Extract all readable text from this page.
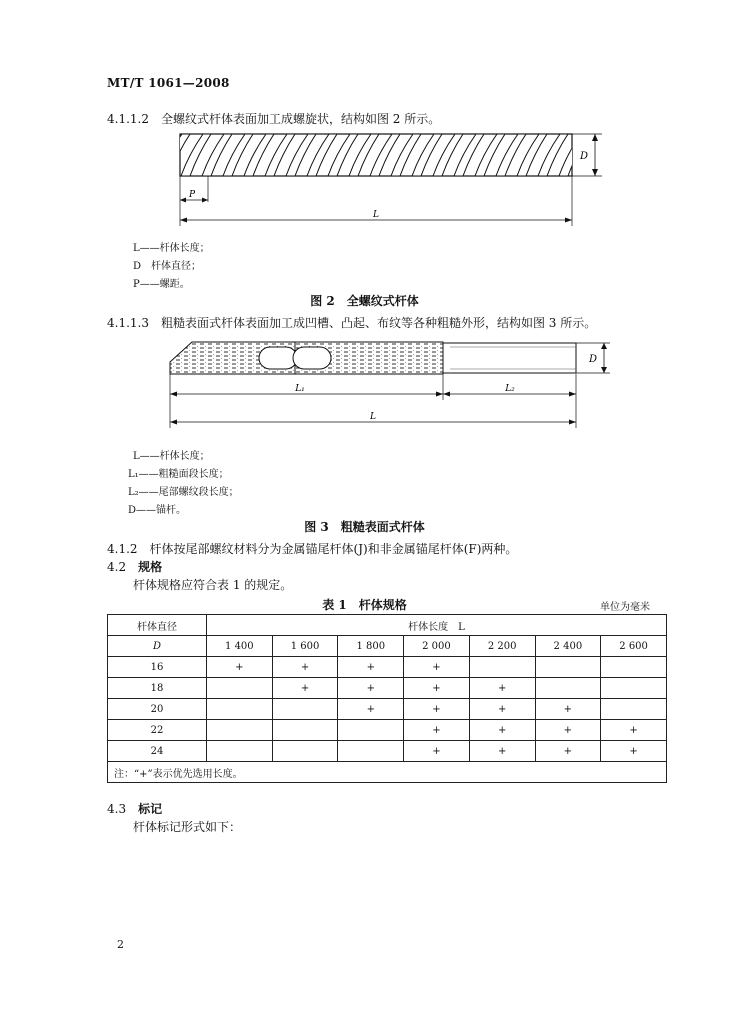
MT/T 1061—2008
4.1.1.2 全螺纹式杆体表面加工成螺旋状，结构如图 2 所示。
D
P
L
L——杆体长度；
D　杆体直径；
P——螺距。
图 2　全螺纹式杆体
4.1.1.3 粗糙表面式杆体表面加工成凹槽、凸起、布纹等各种粗糙外形，结构如图 3 所示。
D
L₁	L₂
L
L——杆体长度；
L₁——粗糙面段长度；
L₂——尾部螺纹段长度；
D——锚杆。
图 3　粗糙表面式杆体
4.1.2 杆体按尾部螺纹材料分为金属锚尾杆体(J)和非金属锚尾杆体(F)两种。
4.2 规格
杆体规格应符合表 1 的规定。
表 1　杆体规格	单位为毫米
杆体直径	杆体长度　L						
D	1 400	1 600	1 800	2 000	2 200	2 400	2 600
16	+	+	+	+			
18		+	+	+	+		
20			+	+	+	+	
22				+	+	+	+
24				+	+	+	+
注：“+”表示优先选用长度。							
4.3 标记
杆体标记形式如下：
2
